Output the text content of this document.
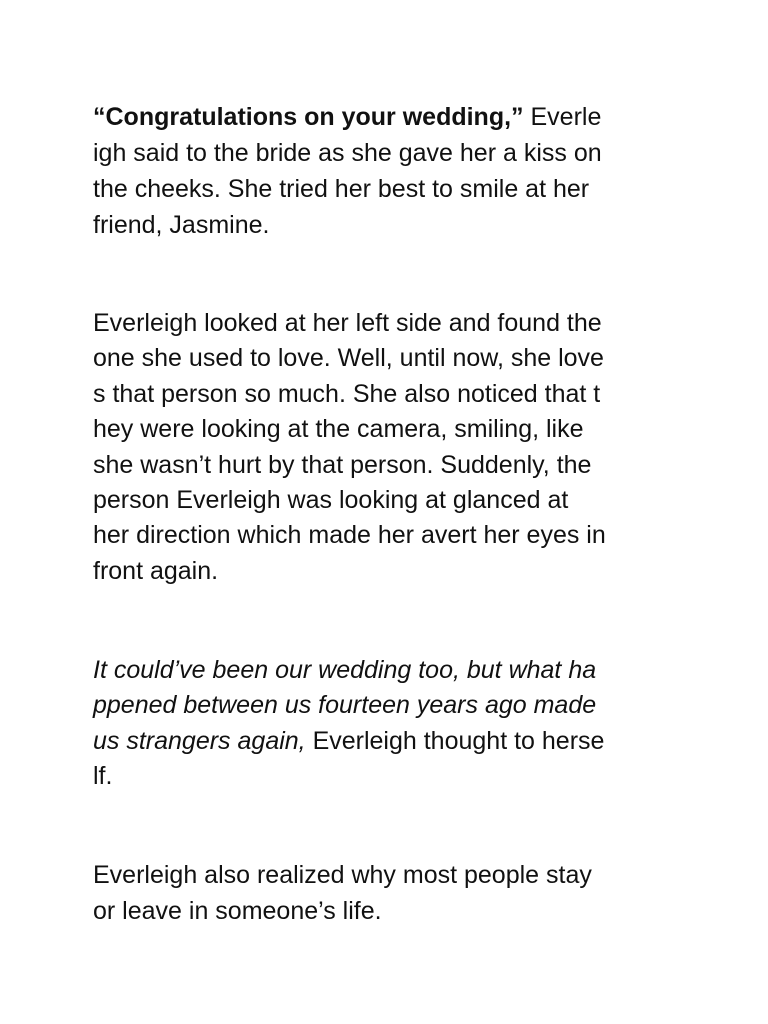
“Congratulations on your wedding,” Everle
igh said to the bride as she gave her a kiss on
the cheeks. She tried her best to smile at her
friend, Jasmine.
Everleigh looked at her left side and found the
one she used to love. Well, until now, she love
s that person so much. She also noticed that t
hey were looking at the camera, smiling, like
she wasn’t hurt by that person. Suddenly, the
person Everleigh was looking at glanced at
her direction which made her avert her eyes in
front again.
It could’ve been our wedding too, but what ha
ppened between us fourteen years ago made
us strangers again, Everleigh thought to herse
lf.
Everleigh also realized why most people stay
or leave in someone’s life.
